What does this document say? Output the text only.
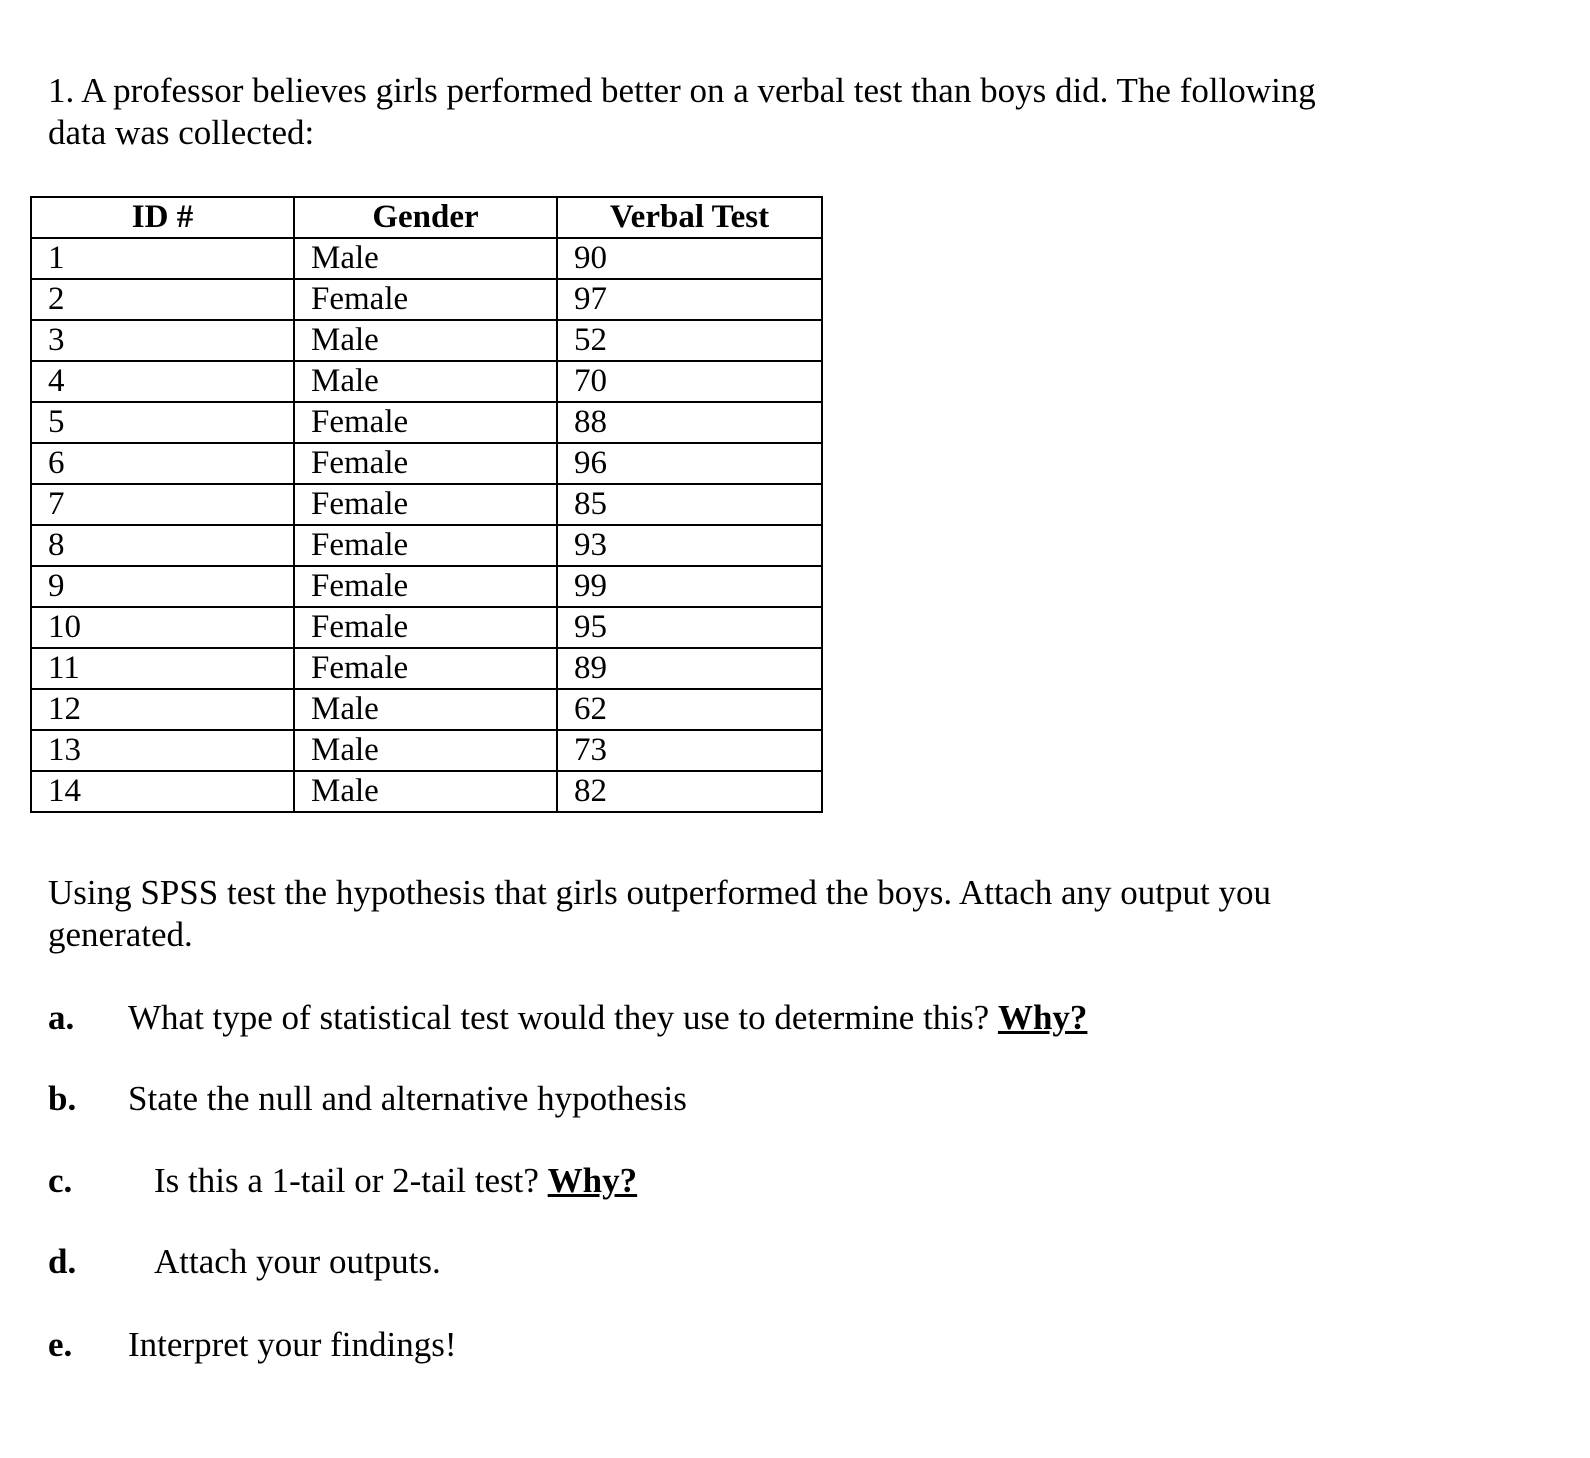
1. A professor believes girls performed better on a verbal test than boys did. The following data was collected:
ID #	Gender	Verbal Test
1	Male	90
2	Female	97
3	Male	52
4	Male	70
5	Female	88
6	Female	96
7	Female	85
8	Female	93
9	Female	99
10	Female	95
11	Female	89
12	Male	62
13	Male	73
14	Male	82
Using SPSS test the hypothesis that girls outperformed the boys. Attach any output you generated.
a. What type of statistical test would they use to determine this? Why?
b. State the null and alternative hypothesis
c. Is this a 1-tail or 2-tail test? Why?
d. Attach your outputs.
e. Interpret your findings!
